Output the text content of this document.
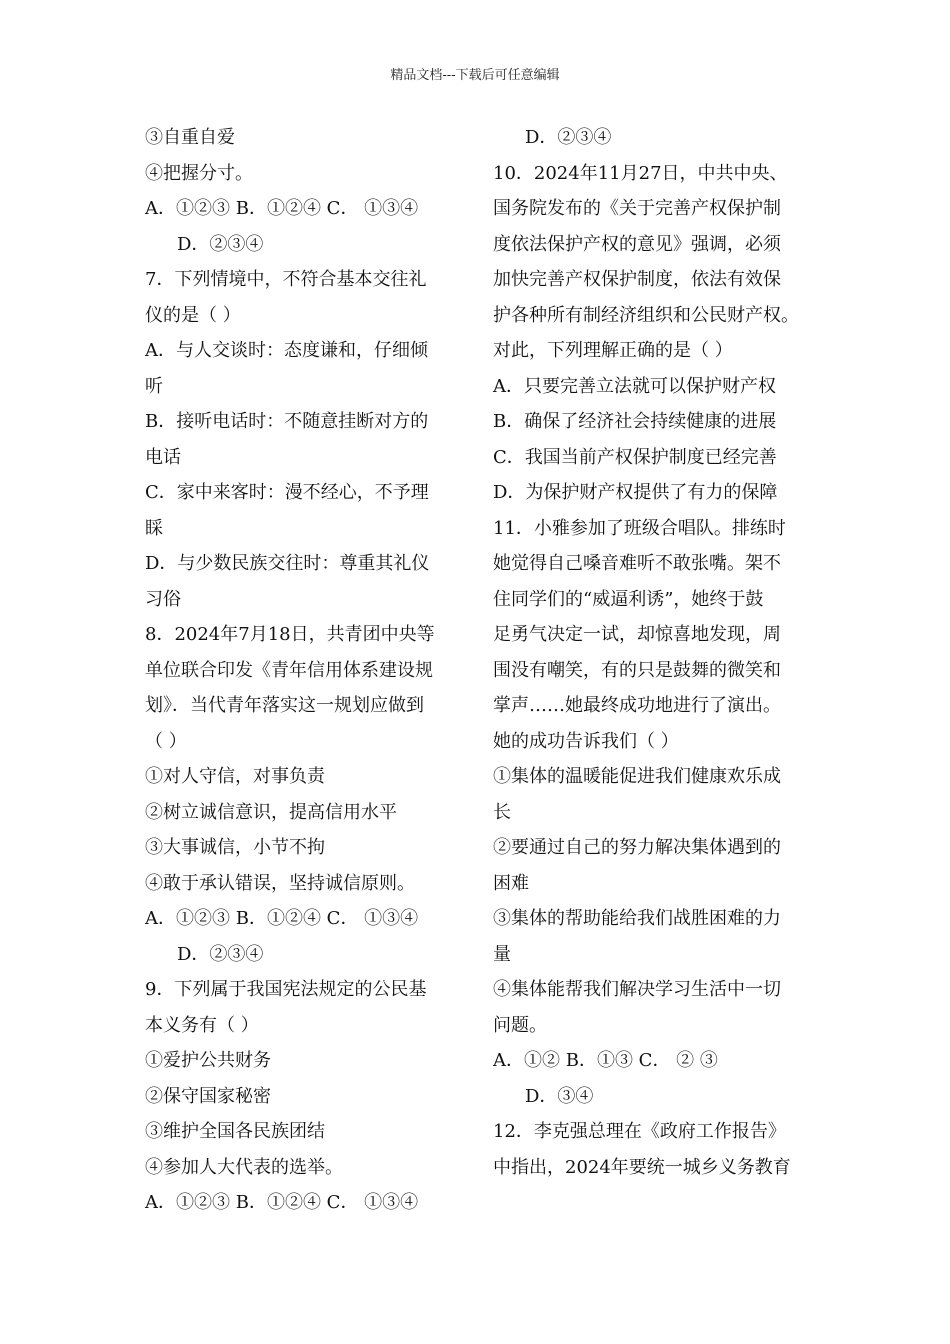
精品文档---下载后可任意编辑
③自重自爱
④把握分寸。
A．①②③ B．①②④ C． ①③④
D．②③④
7．下列情境中，不符合基本交往礼
仪的是（ ）
A．与人交谈时：态度谦和，仔细倾
听
B．接听电话时：不随意挂断对方的
电话
C．家中来客时：漫不经心，不予理
睬
D．与少数民族交往时：尊重其礼仪
习俗
8．2024年7月18日，共青团中央等
单位联合印发《青年信用体系建设规
划》．当代青年落实这一规划应做到
（ ）
①对人守信，对事负责
②树立诚信意识，提高信用水平
③大事诚信，小节不拘
④敢于承认错误，坚持诚信原则。
A．①②③ B．①②④ C． ①③④
D．②③④
9．下列属于我国宪法规定的公民基
本义务有（ ）
①爱护公共财务
②保守国家秘密
③维护全国各民族团结
④参加人大代表的选举。
A．①②③ B．①②④ C． ①③④
D．②③④
10．2024年11月27日，中共中央、
国务院发布的《关于完善产权保护制
度依法保护产权的意见》强调，必须
加快完善产权保护制度，依法有效保
护各种所有制经济组织和公民财产权。
对此，下列理解正确的是（ ）
A．只要完善立法就可以保护财产权
B．确保了经济社会持续健康的进展
C．我国当前产权保护制度已经完善
D．为保护财产权提供了有力的保障
11．小雅参加了班级合唱队。排练时
她觉得自己嗓音难听不敢张嘴。架不
住同学们的“威逼利诱”，她终于鼓
足勇气决定一试，却惊喜地发现，周
围没有嘲笑，有的只是鼓舞的微笑和
掌声……她最终成功地进行了演出。
她的成功告诉我们（ ）
①集体的温暖能促进我们健康欢乐成
长
②要通过自己的努力解决集体遇到的
困难
③集体的帮助能给我们战胜困难的力
量
④集体能帮我们解决学习生活中一切
问题。
A．①② B．①③ C． ② ③
D．③④
12．李克强总理在《政府工作报告》
中指出，2024年要统一城乡义务教育
